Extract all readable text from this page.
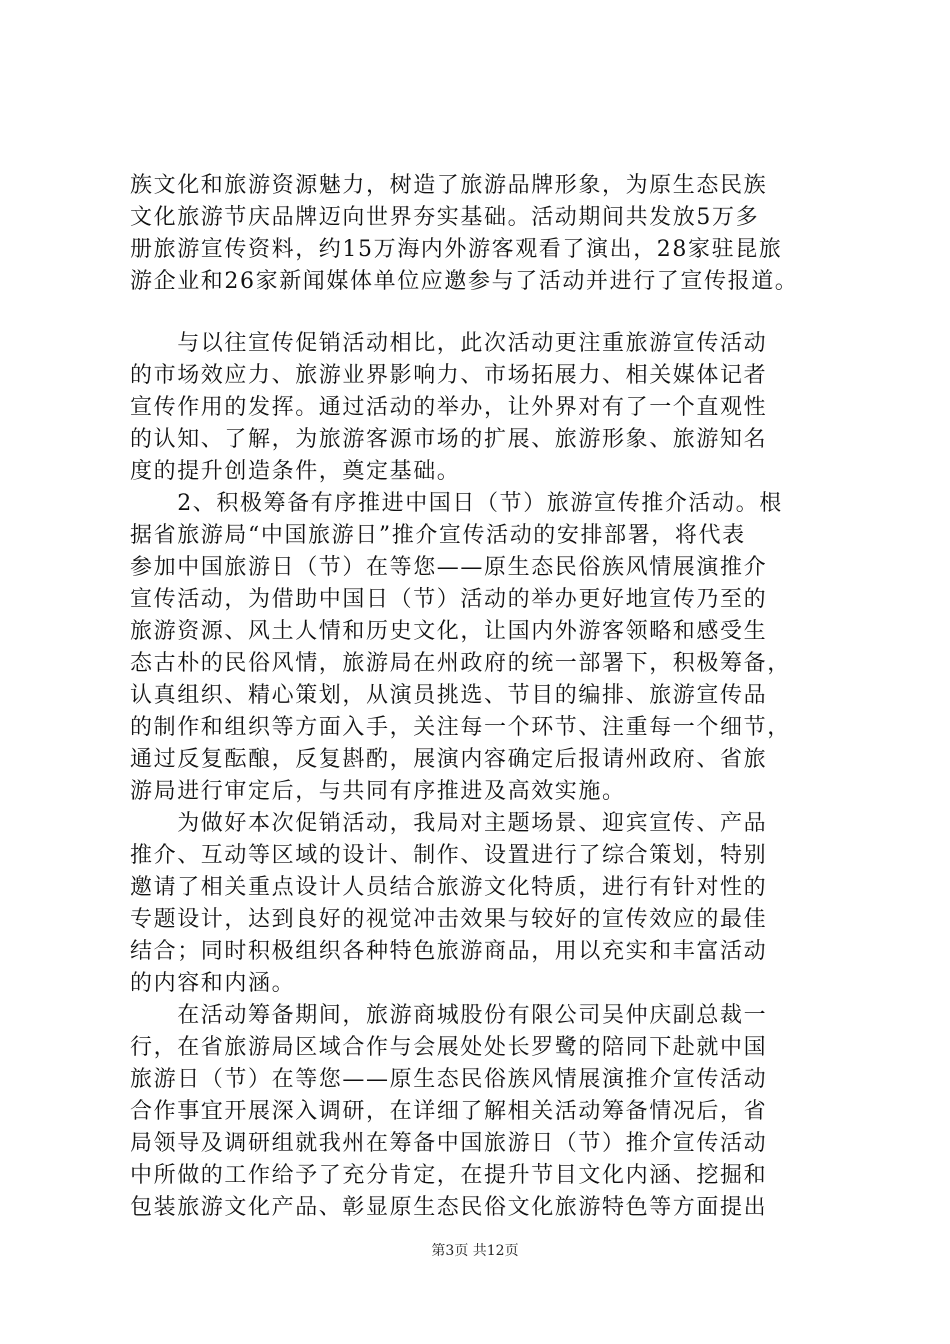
族文化和旅游资源魅力，树造了旅游品牌形象，为原生态民族
文化旅游节庆品牌迈向世界夯实基础。活动期间共发放5万多
册旅游宣传资料，约15万海内外游客观看了演出，28家驻昆旅
游企业和26家新闻媒体单位应邀参与了活动并进行了宣传报道。
　　与以往宣传促销活动相比，此次活动更注重旅游宣传活动
的市场效应力、旅游业界影响力、市场拓展力、相关媒体记者
宣传作用的发挥。通过活动的举办，让外界对有了一个直观性
的认知、了解，为旅游客源市场的扩展、旅游形象、旅游知名
度的提升创造条件，奠定基础。
　　2、积极筹备有序推进中国日（节）旅游宣传推介活动。根
据省旅游局“中国旅游日”推介宣传活动的安排部署，将代表
参加中国旅游日（节）在等您——原生态民俗族风情展演推介
宣传活动，为借助中国日（节）活动的举办更好地宣传乃至的
旅游资源、风土人情和历史文化，让国内外游客领略和感受生
态古朴的民俗风情，旅游局在州政府的统一部署下，积极筹备，
认真组织、精心策划，从演员挑选、节目的编排、旅游宣传品
的制作和组织等方面入手，关注每一个环节、注重每一个细节，
通过反复酝酿，反复斟酌，展演内容确定后报请州政府、省旅
游局进行审定后，与共同有序推进及高效实施。
　　为做好本次促销活动，我局对主题场景、迎宾宣传、产品
推介、互动等区域的设计、制作、设置进行了综合策划，特别
邀请了相关重点设计人员结合旅游文化特质，进行有针对性的
专题设计，达到良好的视觉冲击效果与较好的宣传效应的最佳
结合；同时积极组织各种特色旅游商品，用以充实和丰富活动
的内容和内涵。
　　在活动筹备期间，旅游商城股份有限公司吴仲庆副总裁一
行，在省旅游局区域合作与会展处处长罗鹭的陪同下赴就中国
旅游日（节）在等您——原生态民俗族风情展演推介宣传活动
合作事宜开展深入调研，在详细了解相关活动筹备情况后，省
局领导及调研组就我州在筹备中国旅游日（节）推介宣传活动
中所做的工作给予了充分肯定，在提升节目文化内涵、挖掘和
包装旅游文化产品、彰显原生态民俗文化旅游特色等方面提出
第3页 共12页
